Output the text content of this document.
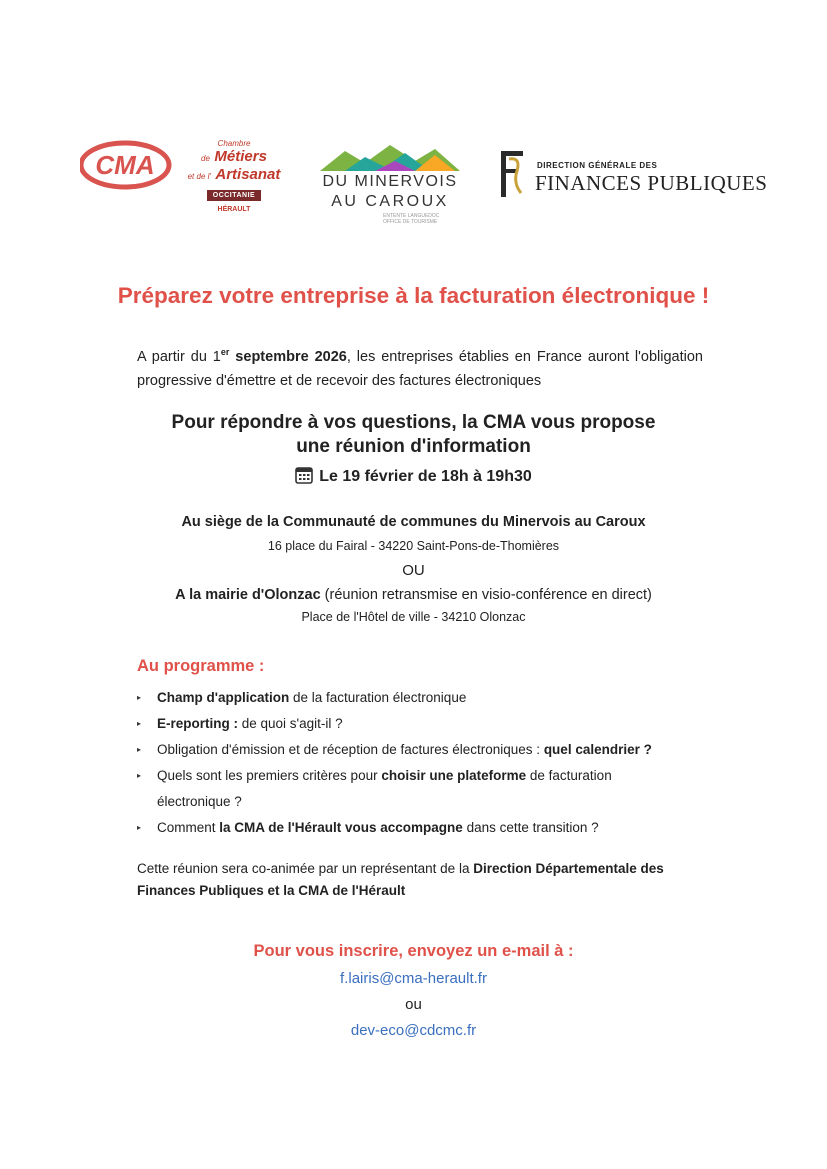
CMA
Chambre
de Métiers
et de l' Artisanat
OCCITANIE
HÉRAULT
DU MINERVOIS
AU CAROUX
ENTENTE LANGUEDOC
OFFICE DE TOURISME
DIRECTION GÉNÉRALE DES
FINANCES PUBLIQUES
Préparez votre entreprise à la facturation électronique !
A partir du 1er septembre 2026, les entreprises établies en France auront l'obligation progressive d'émettre et de recevoir des factures électroniques
Pour répondre à vos questions, la CMA vous propose
une réunion d'information
Le 19 février de 18h à 19h30
Au siège de la Communauté de communes du Minervois au Caroux
16 place du Fairal - 34220 Saint-Pons-de-Thomières
OU
A la mairie d'Olonzac (réunion retransmise en visio-conférence en direct)
Place de l'Hôtel de ville - 34210 Olonzac
Au programme :
▸ Champ d'application de la facturation électronique
▸ E-reporting : de quoi s'agit-il ?
▸ Obligation d'émission et de réception de factures électroniques : quel calendrier ?
▸ Quels sont les premiers critères pour choisir une plateforme de facturation électronique ?
▸ Comment la CMA de l'Hérault vous accompagne dans cette transition ?
Cette réunion sera co-animée par un représentant de la Direction Départementale des Finances Publiques et la CMA de l'Hérault
Pour vous inscrire, envoyez un e-mail à :
f.lairis@cma-herault.fr
ou
dev-eco@cdcmc.fr
